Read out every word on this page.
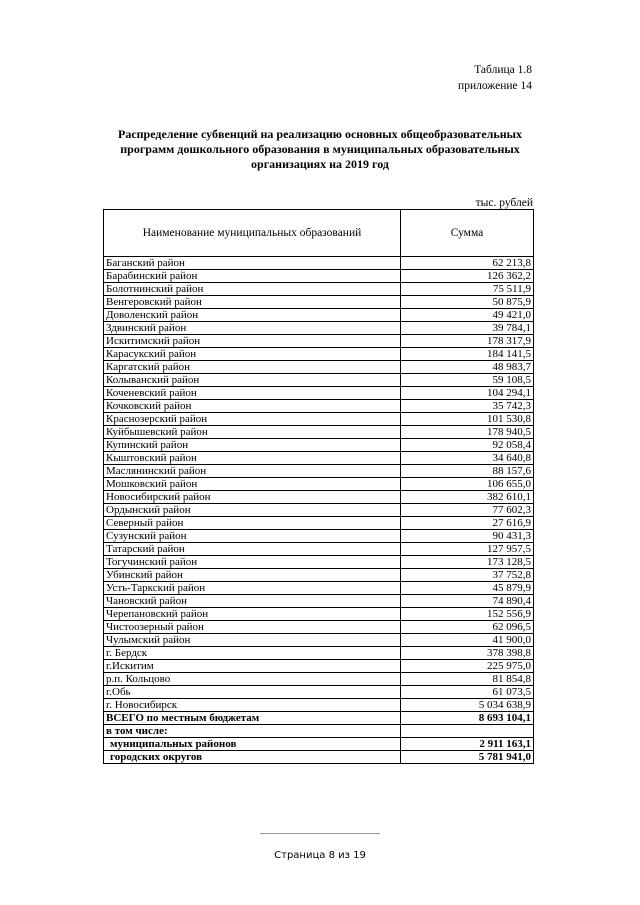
Таблица 1.8
приложение 14
Распределение субвенций на реализацию основных общеобразовательных программ дошкольного образования в муниципальных образовательных организациях на 2019 год
тыс. рублей
Наименование муниципальных образований	Сумма
Баганский район	62 213,8
Барабинский район	126 362,2
Болотнинский район	75 511,9
Венгеровский район	50 875,9
Доволенский район	49 421,0
Здвинский район	39 784,1
Искитимский район	178 317,9
Карасукский район	184 141,5
Каргатский район	48 983,7
Колыванский район	59 108,5
Коченевский район	104 294,1
Кочковский район	35 742,3
Краснозерский район	101 530,8
Куйбышевский район	178 940,5
Купинский район	92 058,4
Кыштовский район	34 640,8
Маслянинский район	88 157,6
Мошковский район	106 655,0
Новосибирский район	382 610,1
Ордынский район	77 602,3
Северный район	27 616,9
Сузунский район	90 431,3
Татарский район	127 957,5
Тогучинский район	173 128,5
Убинский район	37 752,8
Усть-Таркский район	45 879,9
Чановский район	74 890,4
Черепановский район	152 556,9
Чистоозерный район	62 096,5
Чулымский район	41 900,0
г. Бердск	378 398,8
г.Искитим	225 975,0
р.п. Кольцово	81 854,8
г.Обь	61 073,5
г. Новосибирск	5 034 638,9
ВСЕГО по местным бюджетам	8 693 104,1
в том числе:	
муниципальных районов	2 911 163,1
городских округов	5 781 941,0
Страница 8 из 19
